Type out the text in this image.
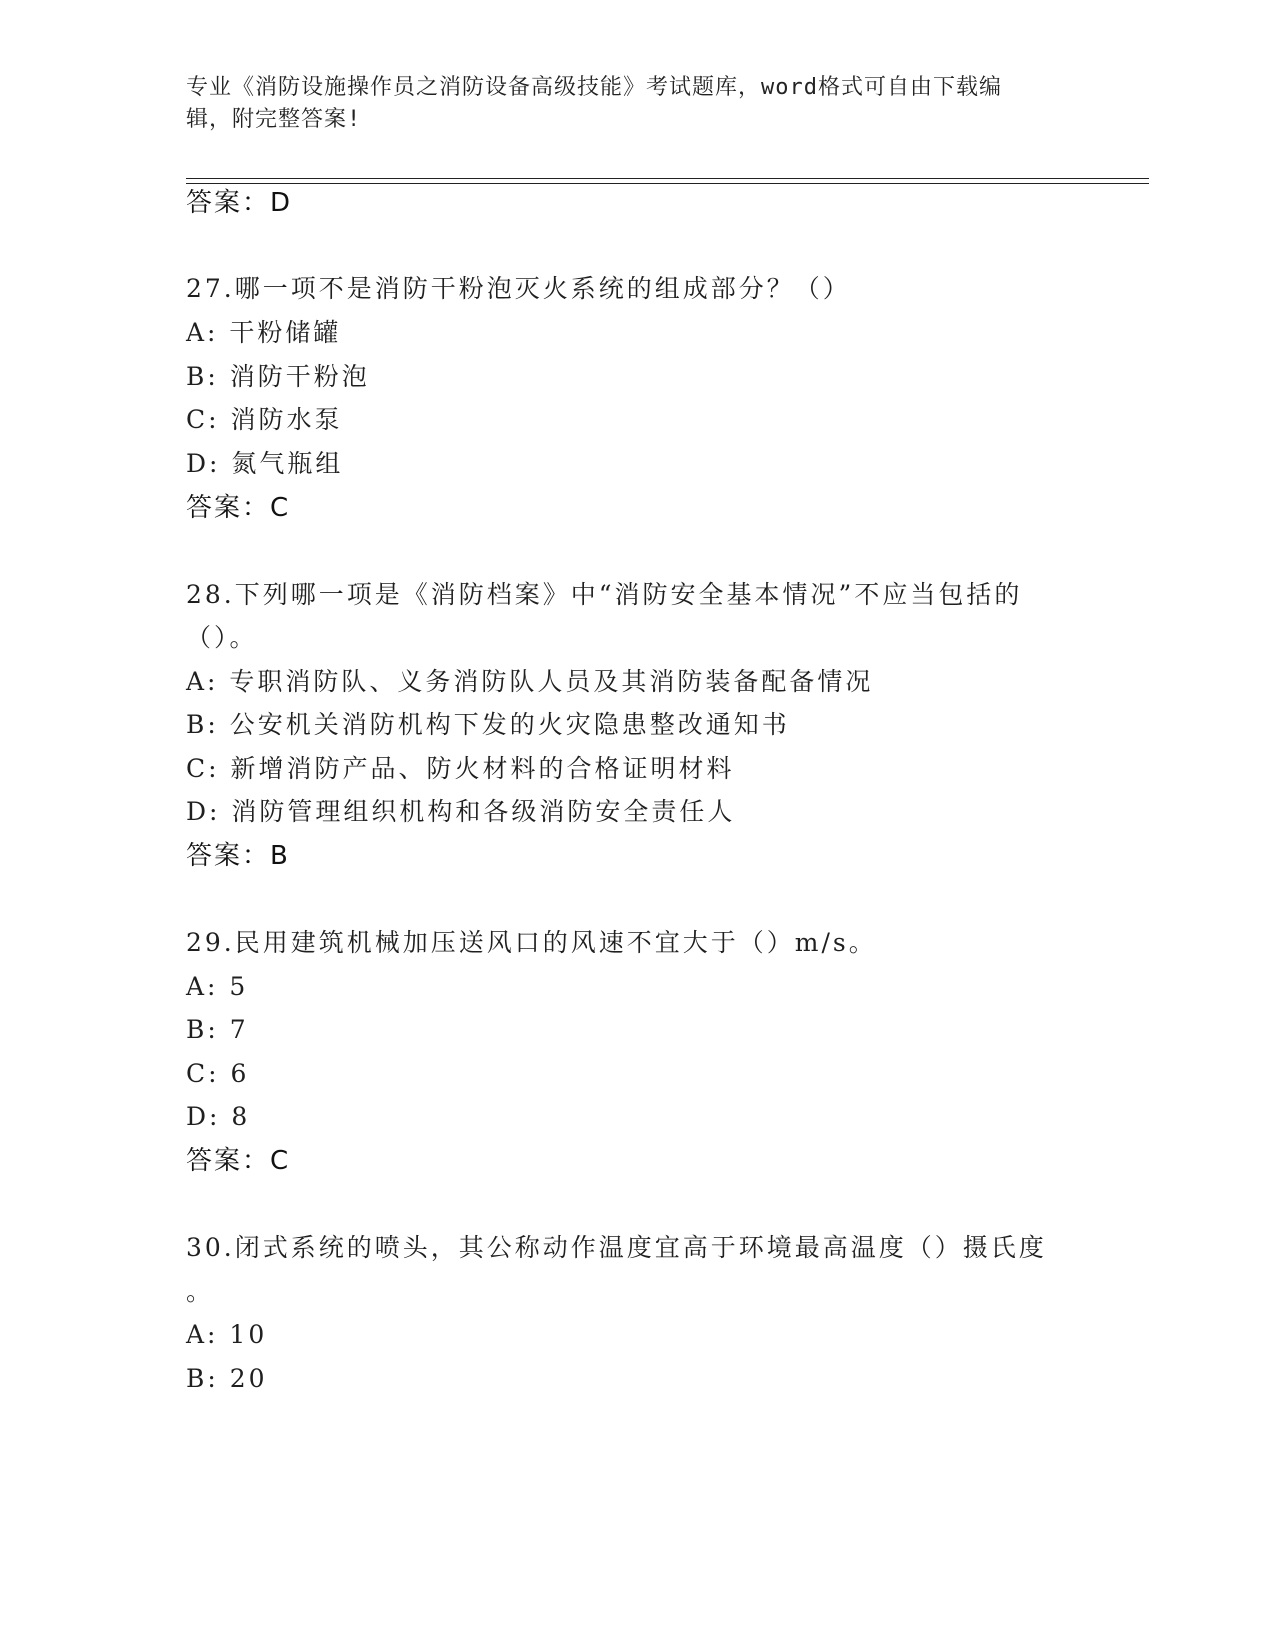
专业《消防设施操作员之消防设备高级技能》考试题库，word格式可自由下载编
辑，附完整答案!
答案：D
27.哪一项不是消防干粉泡灭火系统的组成部分？（）
A: 干粉储罐
B: 消防干粉泡
C: 消防水泵
D: 氮气瓶组
答案：C
28.下列哪一项是《消防档案》中“消防安全基本情况”不应当包括的
（）。
A: 专职消防队、义务消防队人员及其消防装备配备情况
B: 公安机关消防机构下发的火灾隐患整改通知书
C: 新增消防产品、防火材料的合格证明材料
D: 消防管理组织机构和各级消防安全责任人
答案：B
29.民用建筑机械加压送风口的风速不宜大于（）m/s。
A: 5
B: 7
C: 6
D: 8
答案：C
30.闭式系统的喷头，其公称动作温度宜高于环境最高温度（）摄氏度
。
A: 10
B: 20
